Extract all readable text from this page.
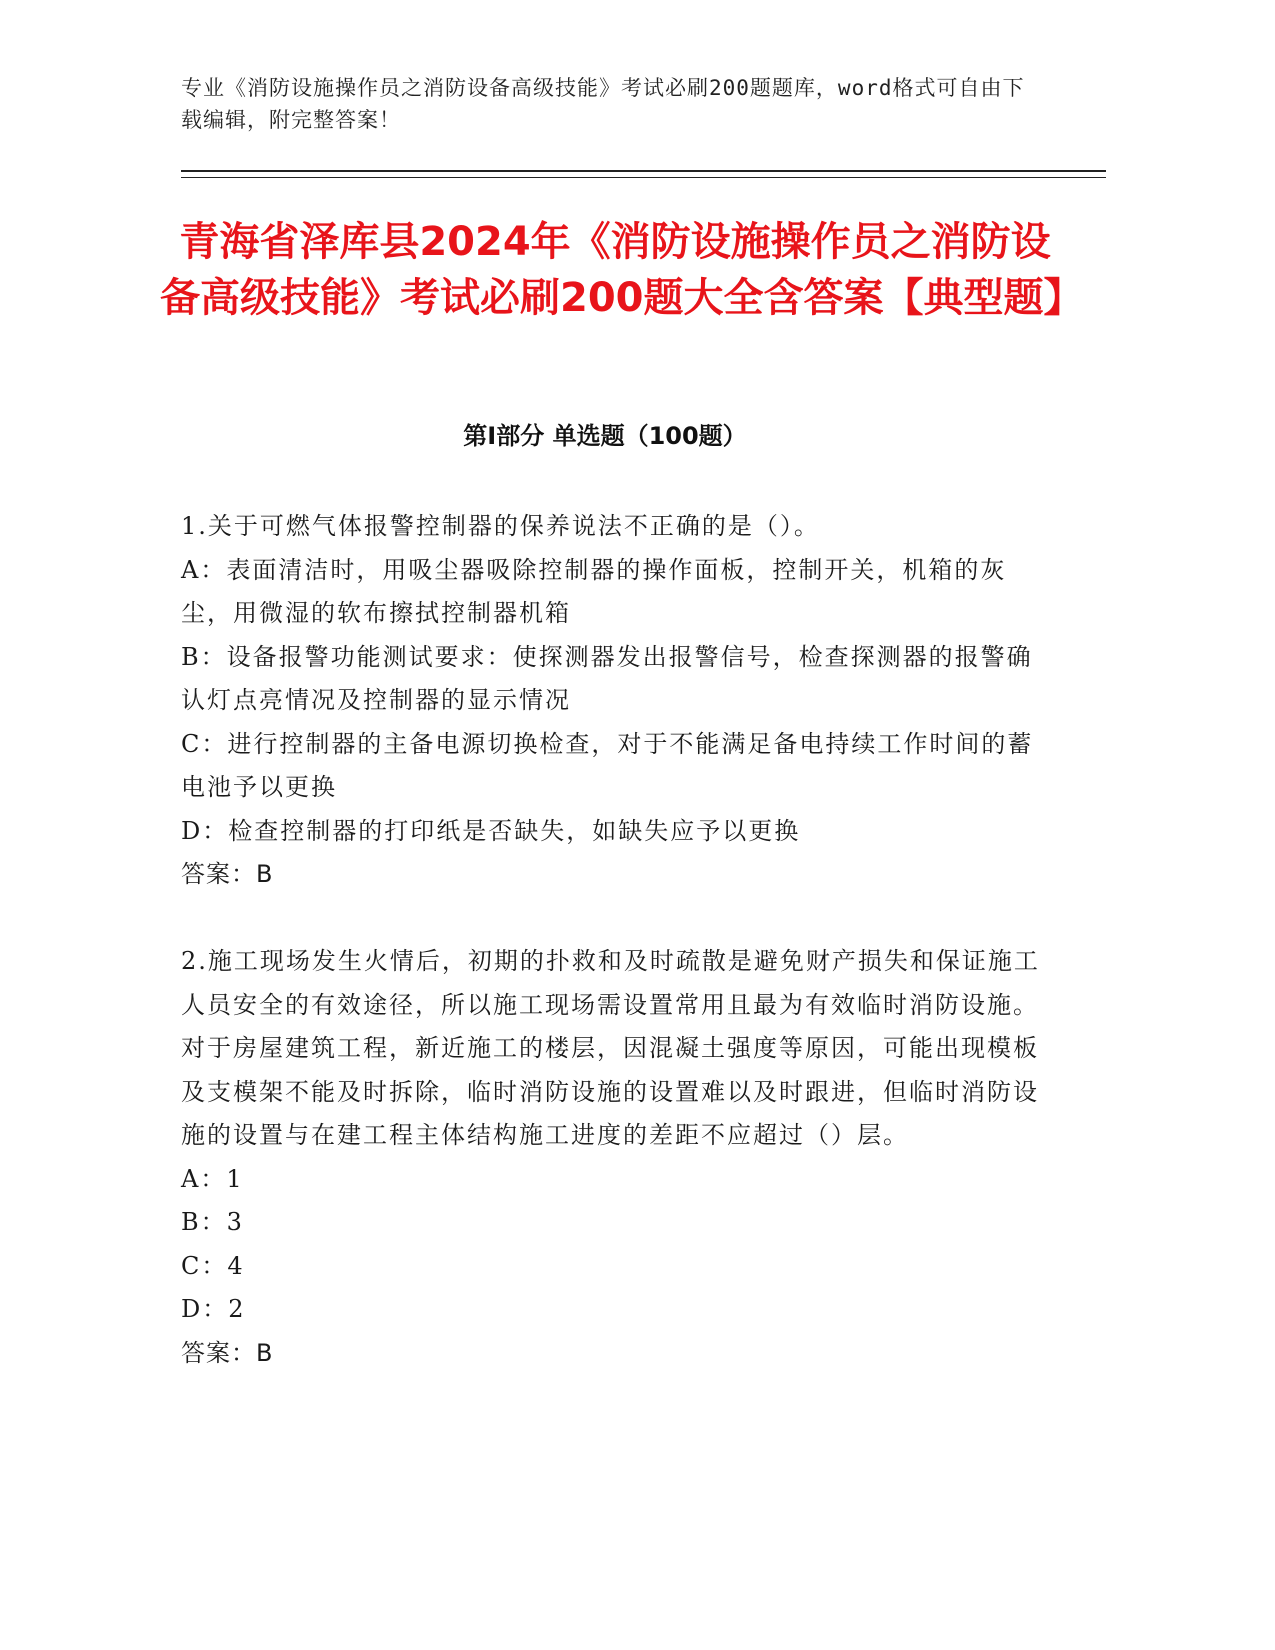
专业《消防设施操作员之消防设备高级技能》考试必刷200题题库，word格式可自由下载编辑，附完整答案！
青海省泽库县2024年《消防设施操作员之消防设备高级技能》考试必刷200题大全含答案【典型题】
第Ⅰ部分 单选题（100题）
1.关于可燃气体报警控制器的保养说法不正确的是（）。
A：表面清洁时，用吸尘器吸除控制器的操作面板，控制开关，机箱的灰尘，用微湿的软布擦拭控制器机箱
B：设备报警功能测试要求：使探测器发出报警信号，检查探测器的报警确认灯点亮情况及控制器的显示情况
C：进行控制器的主备电源切换检查，对于不能满足备电持续工作时间的蓄电池予以更换
D：检查控制器的打印纸是否缺失，如缺失应予以更换
答案：B
2.施工现场发生火情后，初期的扑救和及时疏散是避免财产损失和保证施工人员安全的有效途径，所以施工现场需设置常用且最为有效临时消防设施。对于房屋建筑工程，新近施工的楼层，因混凝土强度等原因，可能出现模板及支模架不能及时拆除，临时消防设施的设置难以及时跟进，但临时消防设施的设置与在建工程主体结构施工进度的差距不应超过（）层。
A：1
B：3
C：4
D：2
答案：B
